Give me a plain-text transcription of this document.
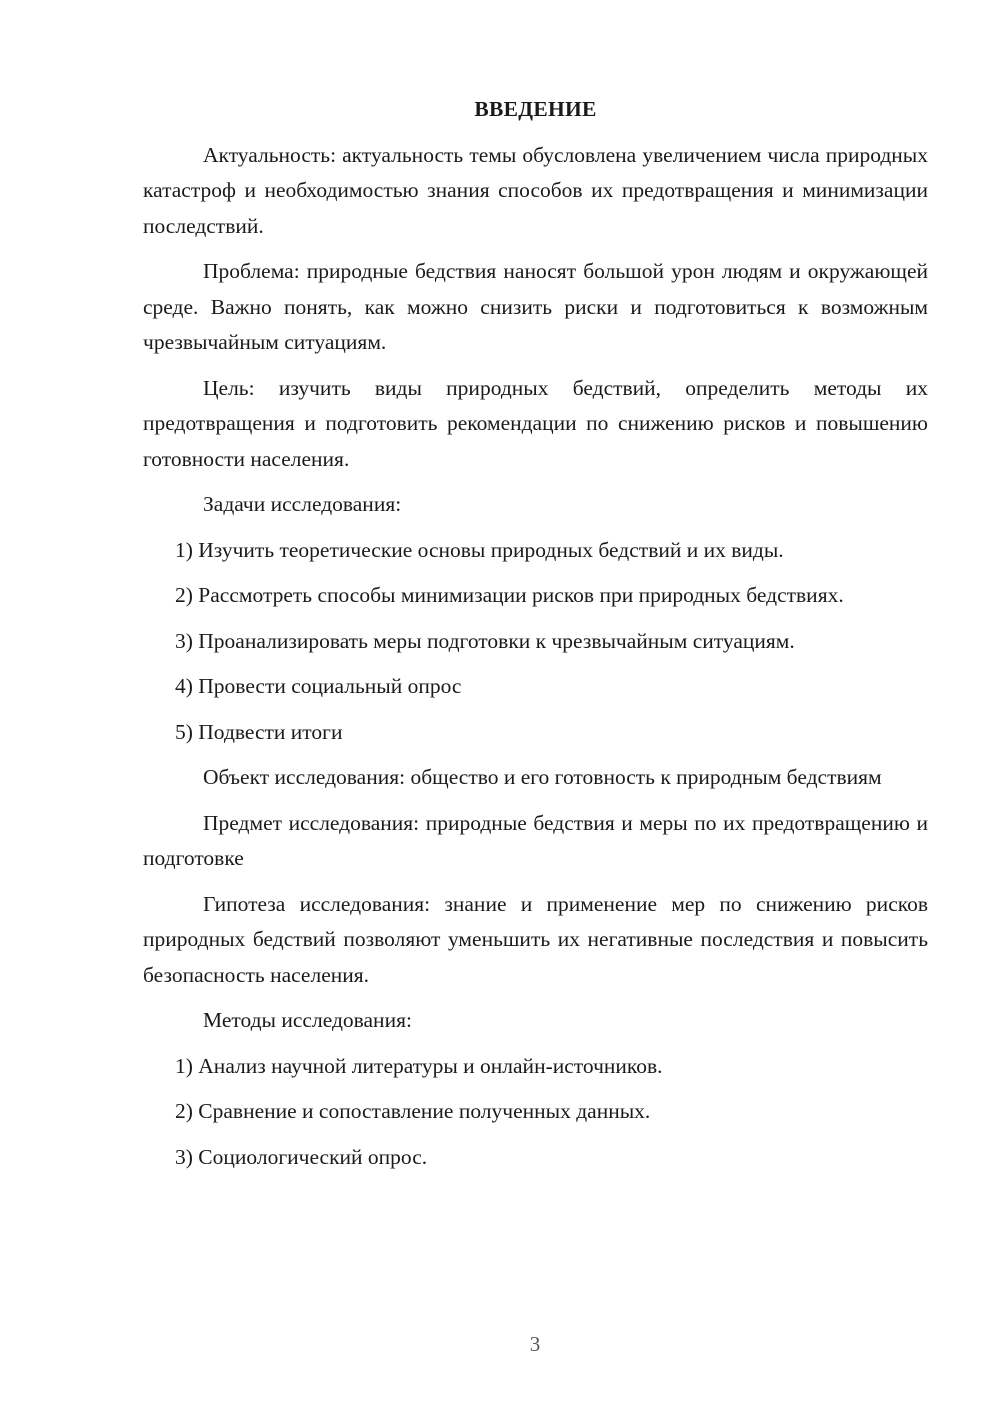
ВВЕДЕНИЕ
Актуальность: актуальность темы обусловлена увеличением числа природных катастроф и необходимостью знания способов их предотвращения и минимизации последствий.
Проблема: природные бедствия наносят большой урон людям и окружающей среде. Важно понять, как можно снизить риски и подготовиться к возможным чрезвычайным ситуациям.
Цель: изучить виды природных бедствий, определить методы их предотвращения и подготовить рекомендации по снижению рисков и повышению готовности населения.
Задачи исследования:
1) Изучить теоретические основы природных бедствий и их виды.
2) Рассмотреть способы минимизации рисков при природных бедствиях.
3) Проанализировать меры подготовки к чрезвычайным ситуациям.
4) Провести социальный опрос
5) Подвести итоги
Объект исследования: общество и его готовность к природным бедствиям
Предмет исследования: природные бедствия и меры по их предотвращению и подготовке
Гипотеза исследования: знание и применение мер по снижению рисков природных бедствий позволяют уменьшить их негативные последствия и повысить безопасность населения.
Методы исследования:
1) Анализ научной литературы и онлайн-источников.
2) Сравнение и сопоставление полученных данных.
3) Социологический опрос.
3
